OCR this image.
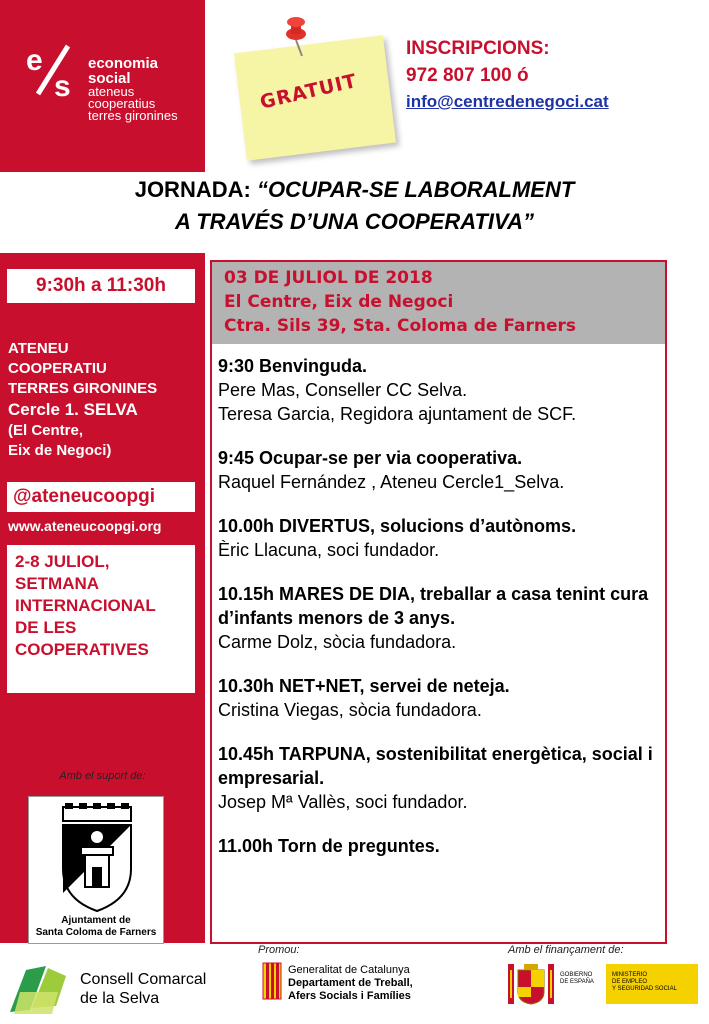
e
s
economia
social
ateneus
cooperatius
terres gironines
GRATUIT
INSCRIPCIONS:
972 807 100 ó
info@centredenegoci.cat
JORNADA: “OCUPAR-SE LABORALMENT
A TRAVÉS D’UNA COOPERATIVA”
9:30h a 11:30h
ATENEU
COOPERATIU
TERRES GIRONINES
Cercle 1. SELVA
(El Centre,
Eix de Negoci)
@ateneucoopgi
www.ateneucoopgi.org
2-8 JULIOL,
SETMANA
INTERNACIONAL
DE LES
COOPERATIVES
Amb el suport de:
Ajuntament de
Santa Coloma de Farners
03 DE JULIOL DE 2018
El Centre, Eix de Negoci
Ctra. Sils 39, Sta. Coloma de Farners
9:30 Benvinguda.
Pere Mas, Conseller CC Selva.
Teresa Garcia, Regidora ajuntament de SCF.
9:45 Ocupar-se per via cooperativa.
Raquel Fernández , Ateneu Cercle1_Selva.
10.00h DIVERTUS, solucions d’autònoms.
Èric Llacuna, soci fundador.
10.15h MARES DE DIA, treballar a casa tenint cura d’infants menors de 3 anys.
Carme Dolz, sòcia fundadora.
10.30h NET+NET, servei de neteja.
Cristina Viegas, sòcia fundadora.
10.45h TARPUNA, sostenibilitat energètica, social i empresarial.
Josep Mª Vallès, soci fundador.
11.00h Torn de preguntes.
Promou:	Amb el finançament de:
Consell Comarcal
de la Selva
Generalitat de Catalunya
Departament de Treball,
Afers Socials i Famílies
GOBIERNO
DE ESPAÑA
MINISTERIO
DE EMPLEO
Y SEGURIDAD SOCIAL
